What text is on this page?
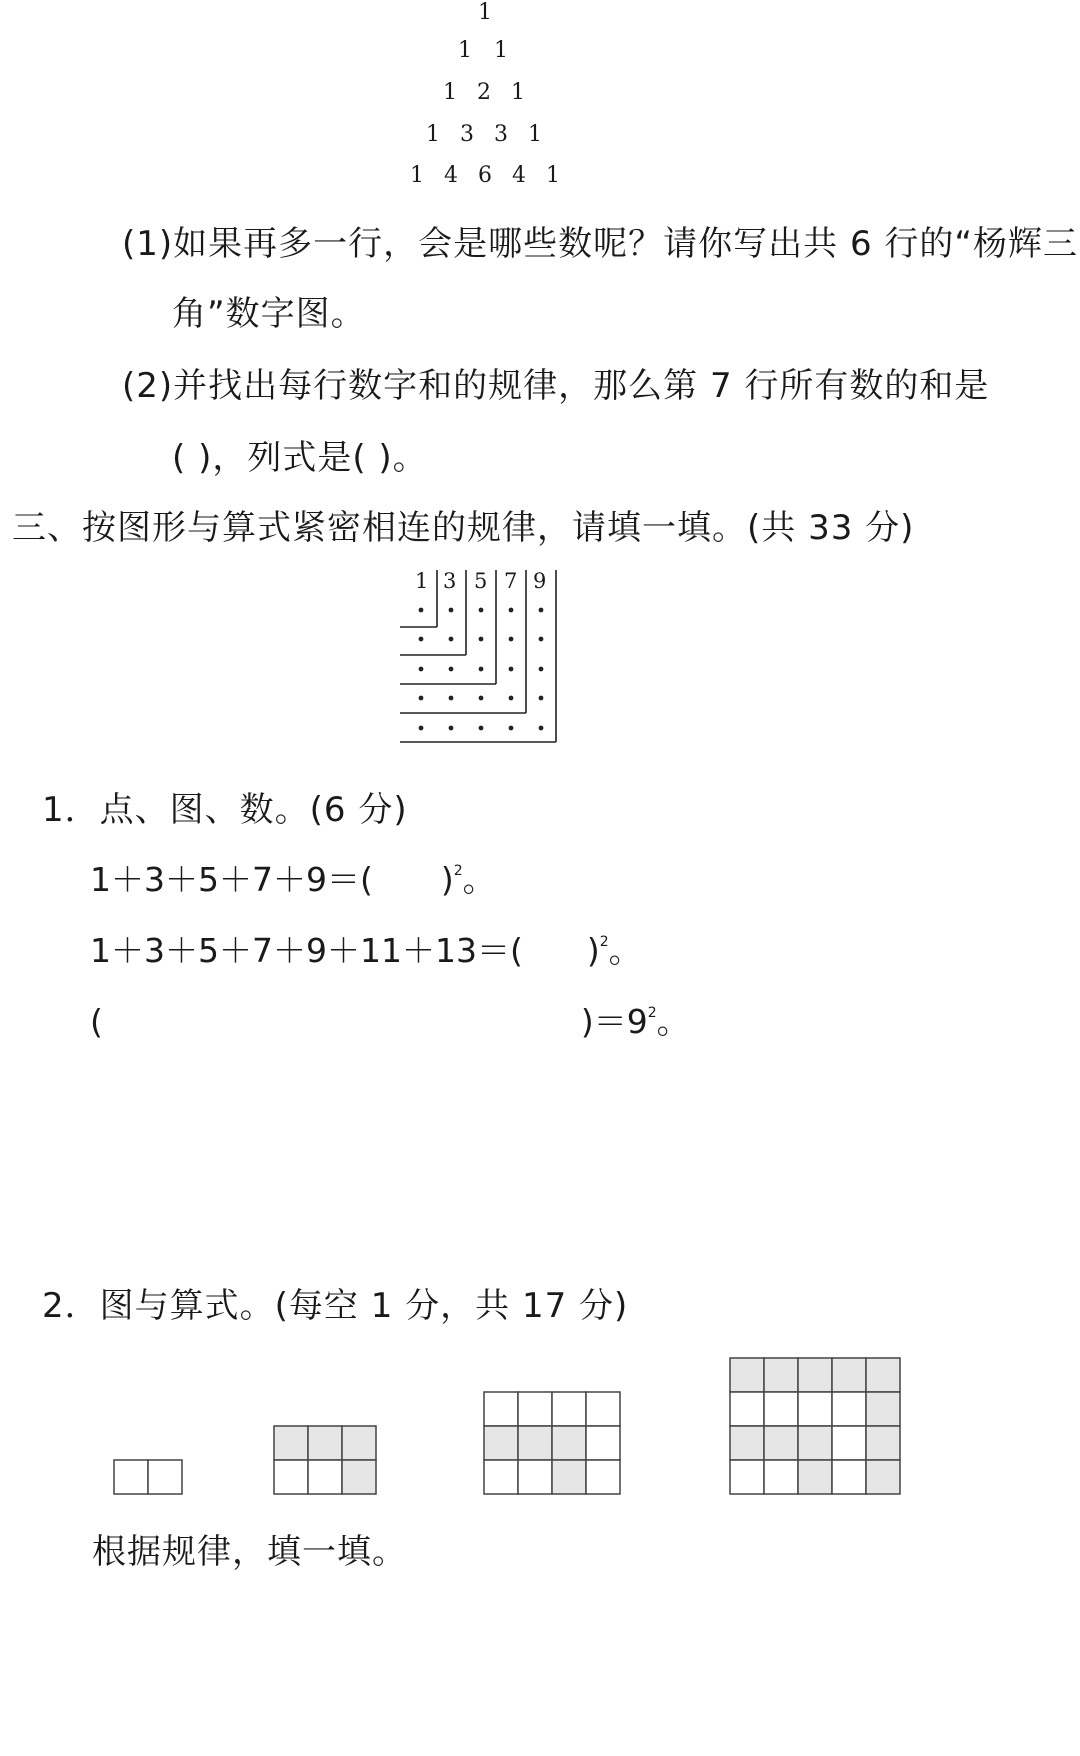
1
1 1
1 2 1
1 3 3 1
1 4 6 4 1
(1)如果再多一行，会是哪些数呢？请你写出共 6 行的“杨辉三
角”数字图。
(2)并找出每行数字和的规律，那么第 7 行所有数的和是
( )，列式是( )。
三、按图形与算式紧密相连的规律，请填一填。(共 33 分)
1 3 5 7 9
1．点、图、数。(6 分)
1＋3＋5＋7＋9＝( )$^2$。
1＋3＋5＋7＋9＋11＋13＝( )$^2$。
(	)$=9^2$。
2．图与算式。(每空 1 分，共 17 分)
根据规律，填一填。
